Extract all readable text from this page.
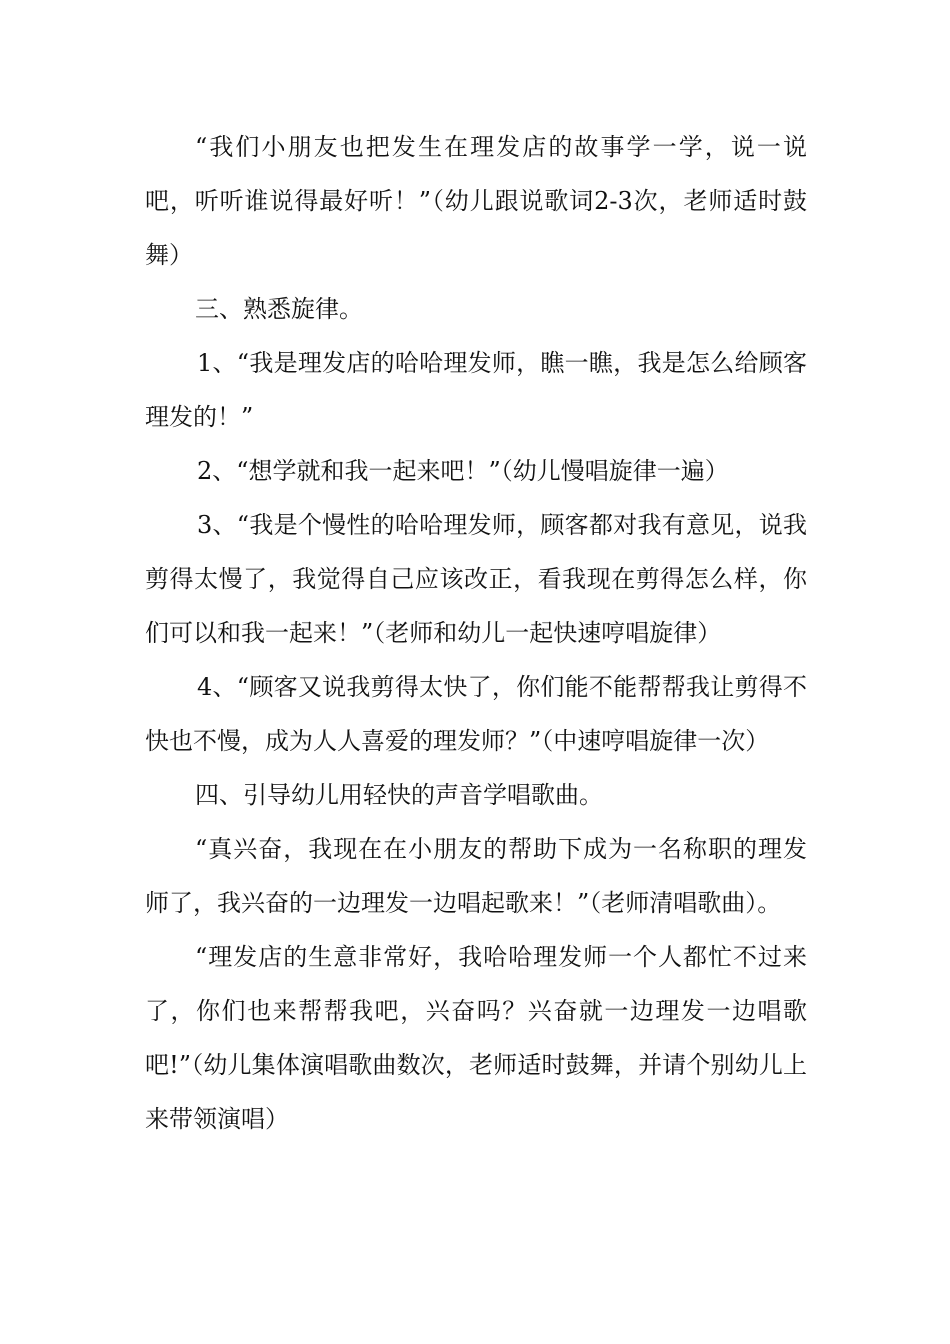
“我们小朋友也把发生在理发店的故事学一学，说一说吧，听听谁说得最好听！”（幼儿跟说歌词2-3次，老师适时鼓舞）

三、熟悉旋律。

1、“我是理发店的哈哈理发师，瞧一瞧，我是怎么给顾客理发的！”

2、“想学就和我一起来吧！”（幼儿慢唱旋律一遍）

3、“我是个慢性的哈哈理发师，顾客都对我有意见，说我剪得太慢了，我觉得自己应该改正，看我现在剪得怎么样，你们可以和我一起来！”（老师和幼儿一起快速哼唱旋律）

4、“顾客又说我剪得太快了，你们能不能帮帮我让剪得不快也不慢，成为人人喜爱的理发师？”（中速哼唱旋律一次）

四、引导幼儿用轻快的声音学唱歌曲。

“真兴奋，我现在在小朋友的帮助下成为一名称职的理发师了，我兴奋的一边理发一边唱起歌来！”（老师清唱歌曲）。

“理发店的生意非常好，我哈哈理发师一个人都忙不过来了，你们也来帮帮我吧，兴奋吗？兴奋就一边理发一边唱歌吧!”（幼儿集体演唱歌曲数次，老师适时鼓舞，并请个别幼儿上来带领演唱）
